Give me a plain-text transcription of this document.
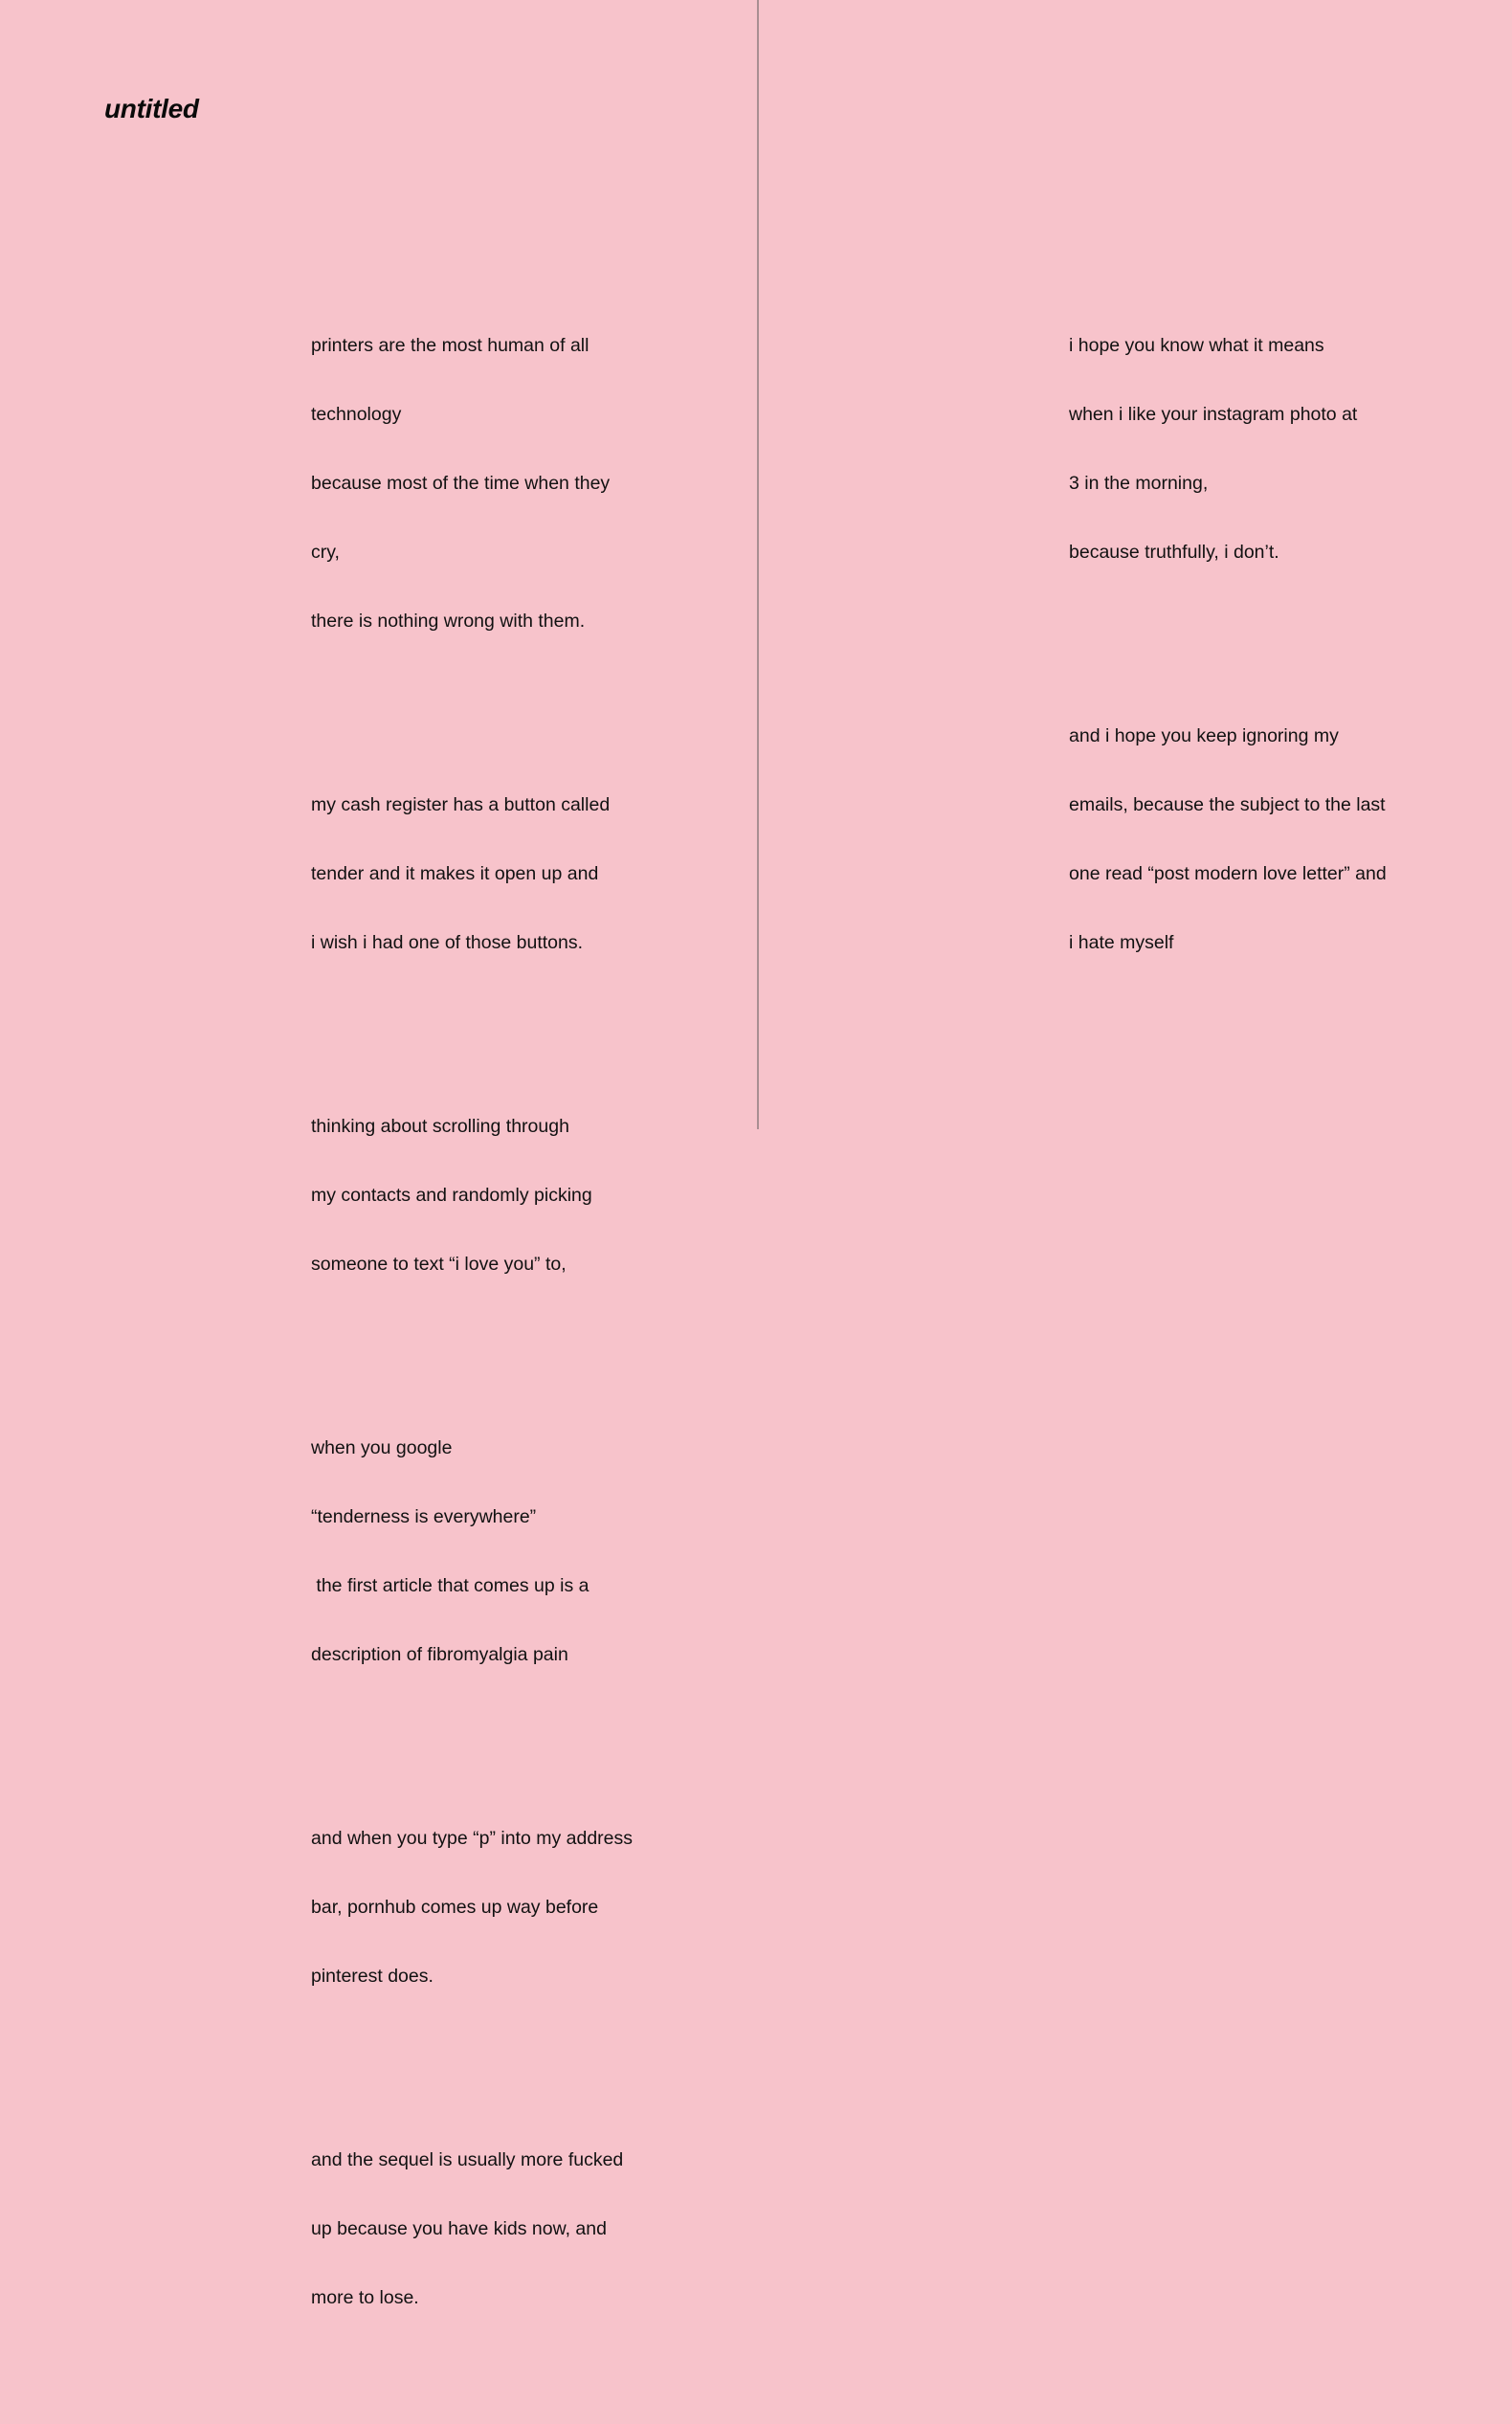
untitled

printers are the most human of all

technology

because most of the time when they

cry,

there is nothing wrong with them.

my cash register has a button called

tender and it makes it open up and

i wish i had one of those buttons.

thinking about scrolling through

my contacts and randomly picking

someone to text “i love you” to,

when you google

“tenderness is everywhere”

the first article that comes up is a

description of fibromyalgia pain

and when you type “p” into my address

bar, pornhub comes up way before

pinterest does.

and the sequel is usually more fucked

up because you have kids now, and

more to lose.

i hope you know what it means

when i like your instagram photo at

3 in the morning,

because truthfully, i don’t.

and i hope you keep ignoring my

emails, because the subject to the last

one read “post modern love letter” and

i hate myself
